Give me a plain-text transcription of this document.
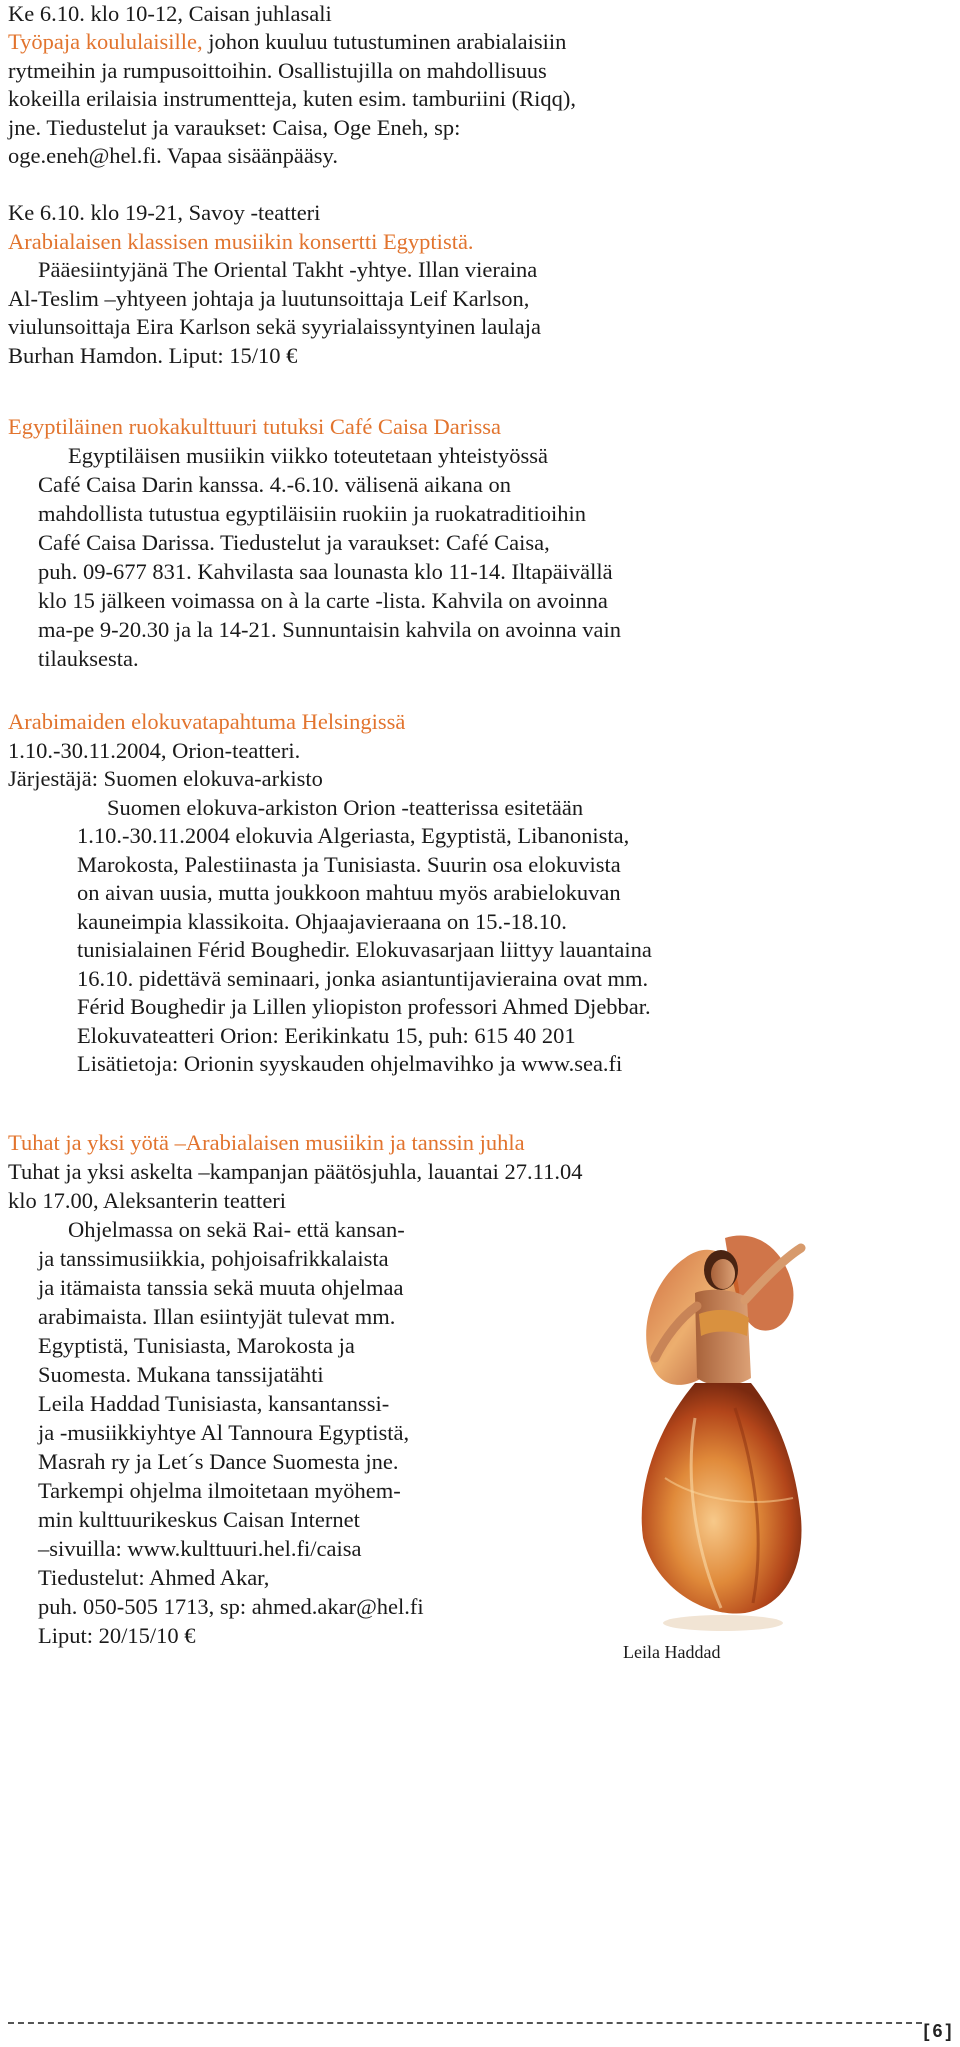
Ke 6.10. klo 10-12, Caisan juhlasali
Työpaja koululaisille, johon kuuluu tutustuminen arabialaisiin
rytmeihin ja rumpusoittoihin. Osallistujilla on mahdollisuus
kokeilla erilaisia instrumentteja, kuten esim. tamburiini (Riqq),
jne. Tiedustelut ja varaukset: Caisa, Oge Eneh, sp:
oge.eneh@hel.fi. Vapaa sisäänpääsy.
Ke 6.10. klo 19-21, Savoy -teatteri
Arabialaisen klassisen musiikin konsertti Egyptistä.
Pääesiintyjänä The Oriental Takht -yhtye. Illan vieraina
Al-Teslim –yhtyeen johtaja ja luutunsoittaja Leif Karlson,
viulunsoittaja Eira Karlson sekä syyrialaissyntyinen laulaja
Burhan Hamdon. Liput: 15/10 €
Egyptiläinen ruokakulttuuri tutuksi Café Caisa Darissa
Egyptiläisen musiikin viikko toteutetaan yhteistyössä
Café Caisa Darin kanssa. 4.-6.10. välisenä aikana on
mahdollista tutustua egyptiläisiin ruokiin ja ruokatraditioihin
Café Caisa Darissa. Tiedustelut ja varaukset: Café Caisa,
puh. 09-677 831. Kahvilasta saa lounasta klo 11-14. Iltapäivällä
klo 15 jälkeen voimassa on à la carte -lista. Kahvila on avoinna
ma-pe 9-20.30 ja la 14-21. Sunnuntaisin kahvila on avoinna vain
tilauksesta.
Arabimaiden elokuvatapahtuma Helsingissä
1.10.-30.11.2004, Orion-teatteri.
Järjestäjä: Suomen elokuva-arkisto
Suomen elokuva-arkiston Orion -teatterissa esitetään
1.10.-30.11.2004 elokuvia Algeriasta, Egyptistä, Libanonista,
Marokosta, Palestiinasta ja Tunisiasta. Suurin osa elokuvista
on aivan uusia, mutta joukkoon mahtuu myös arabielokuvan
kauneimpia klassikoita. Ohjaajavieraana on 15.-18.10.
tunisialainen Férid Boughedir. Elokuvasarjaan liittyy lauantaina
16.10. pidettävä seminaari, jonka asiantuntijavieraina ovat mm.
Férid Boughedir ja Lillen yliopiston professori Ahmed Djebbar.
Elokuvateatteri Orion: Eerikinkatu 15, puh: 615 40 201
Lisätietoja: Orionin syyskauden ohjelmavihko ja www.sea.fi
Tuhat ja yksi yötä –Arabialaisen musiikin ja tanssin juhla
Tuhat ja yksi askelta –kampanjan päätösjuhla, lauantai 27.11.04
klo 17.00, Aleksanterin teatteri
Ohjelmassa on sekä Rai- että kansan-
ja tanssimusiikkia, pohjoisafrikkalaista
ja itämaista tanssia sekä muuta ohjelmaa
arabimaista. Illan esiintyjät tulevat mm.
Egyptistä, Tunisiasta, Marokosta ja
Suomesta. Mukana tanssijatähti
Leila Haddad Tunisiasta, kansantanssi-
ja -musiikkiyhtye Al Tannoura Egyptistä,
Masrah ry ja Let´s Dance Suomesta jne.
Tarkempi ohjelma ilmoitetaan myöhem-
min kulttuurikeskus Caisan Internet
–sivuilla: www.kulttuuri.hel.fi/caisa
Tiedustelut: Ahmed Akar,
puh. 050-505 1713, sp: ahmed.akar@hel.fi
Liput: 20/15/10 €
Leila Haddad
[6]
